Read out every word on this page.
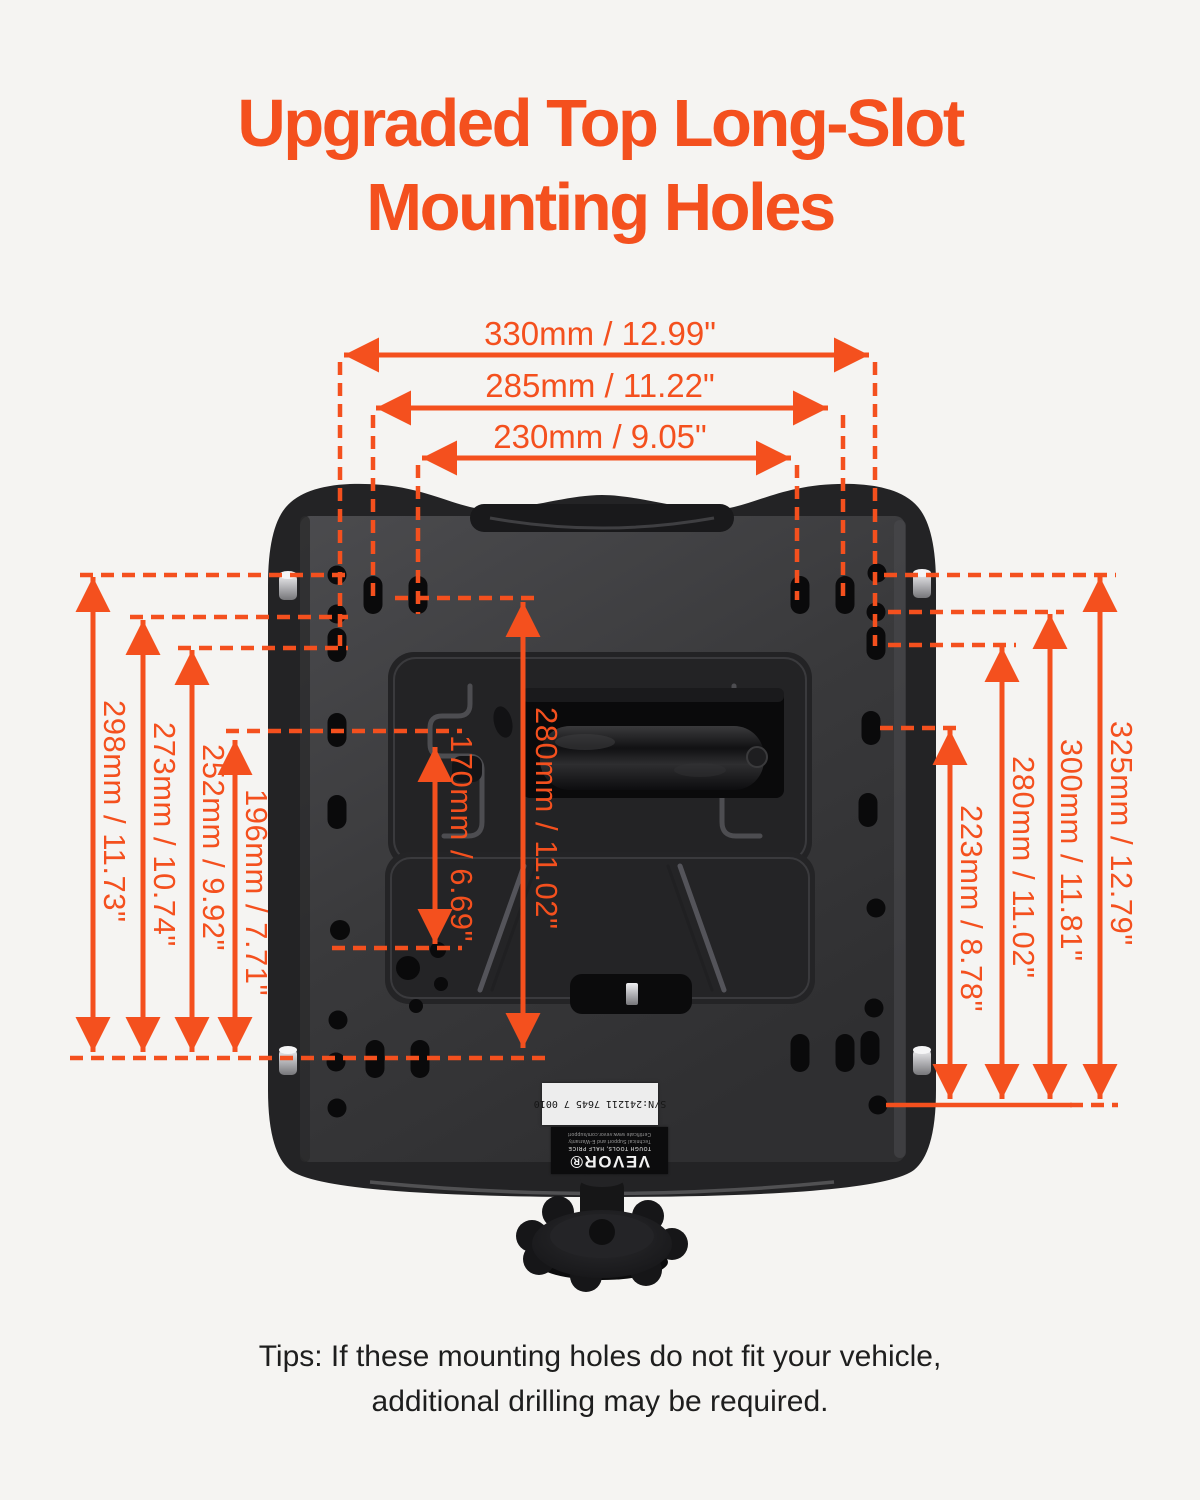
Upgraded Top Long-Slot
Mounting Holes
330mm / 12.99"
285mm / 11.22"
230mm / 9.05"
298mm / 11.73" 273mm / 10.74" 252mm / 9.92" 196mm / 7.71"	280mm / 11.02"
170mm / 6.69"	223mm / 8.78" 280mm / 11.02" 300mm / 11.81" 325mm / 12.79"
S/N:241211 7645 7 0010
VEVOR®
TOUGH TOOLS, HALF PRICE
Technical Support and E-Warranty
Certificate www.vevor.com/support
Tips: If these mounting holes do not fit your vehicle,
additional drilling may be required.
